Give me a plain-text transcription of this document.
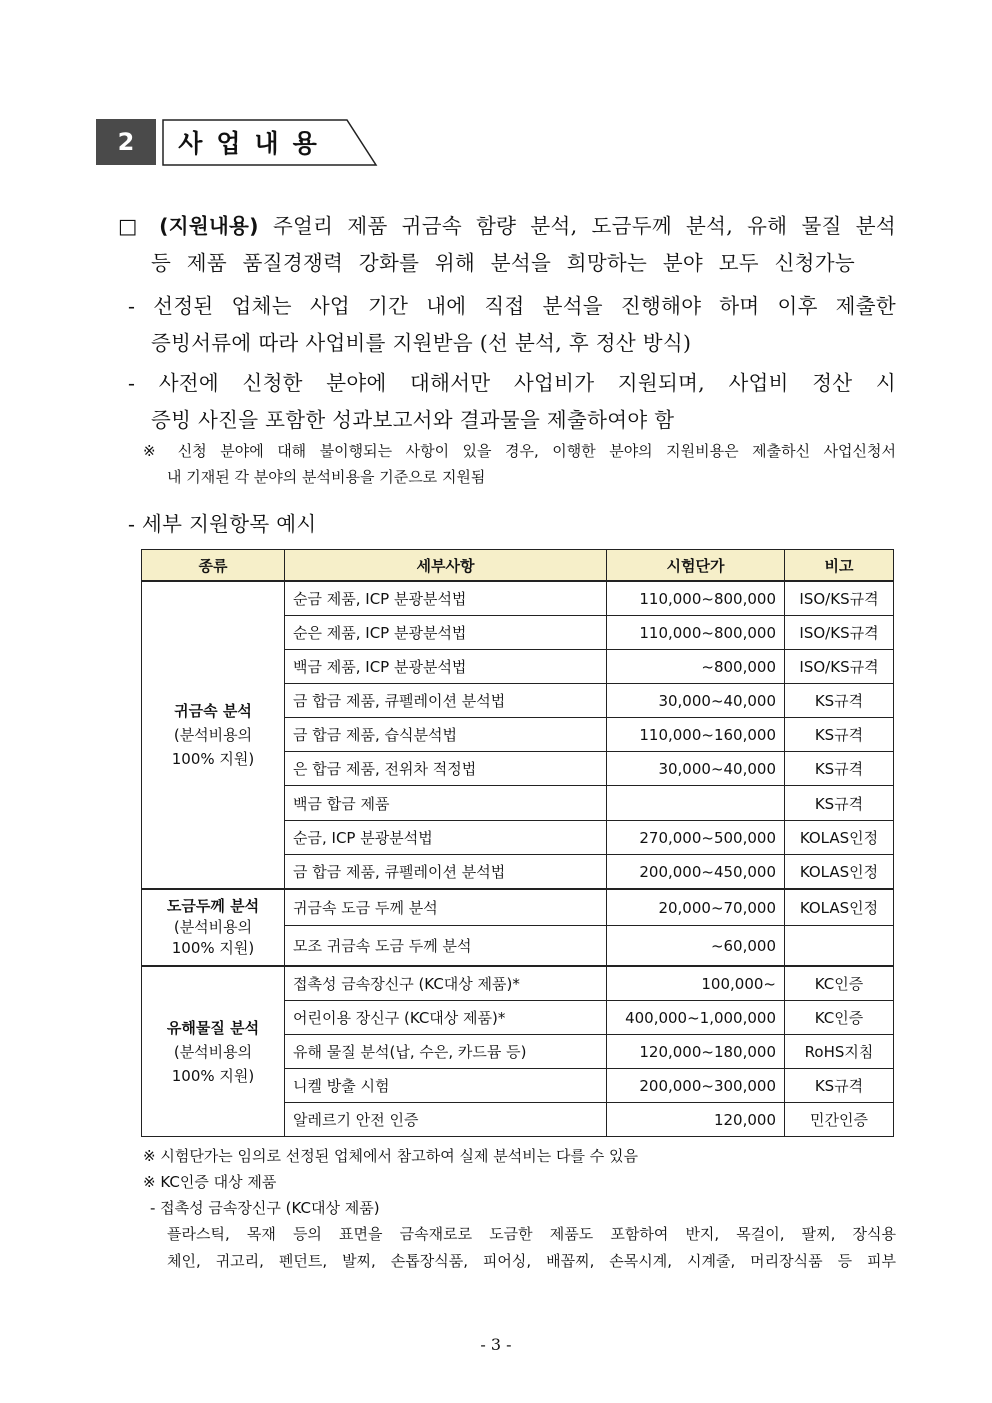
2	사업내용
□ (지원내용) 주얼리 제품 귀금속 함량 분석, 도금두께 분석, 유해 물질 분석
등 제품 품질경쟁력 강화를 위해 분석을 희망하는 분야 모두 신청가능
- 선정된 업체는 사업 기간 내에 직접 분석을 진행해야 하며 이후 제출한
증빙서류에 따라 사업비를 지원받음 (선 분석, 후 정산 방식)
- 사전에 신청한 분야에 대해서만 사업비가 지원되며, 사업비 정산 시
증빙 사진을 포함한 성과보고서와 결과물을 제출하여야 함
※ 신청 분야에 대해 불이행되는 사항이 있을 경우, 이행한 분야의 지원비용은 제출하신 사업신청서
내 기재된 각 분야의 분석비용을 기준으로 지원됨
- 세부 지원항목 예시
종류	세부사항	시험단가	비고

귀금속 분석
(분석비용의
100% 지원)	순금 제품, ICP 분광분석법	110,000~800,000	ISO/KS규격
	순은 제품, ICP 분광분석법	110,000~800,000	ISO/KS규격
	백금 제품, ICP 분광분석법	~800,000	ISO/KS규격
	금 합금 제품, 큐펠레이션 분석법	30,000~40,000	KS규격
	금 합금 제품, 습식분석법	110,000~160,000	KS규격
	은 합금 제품, 전위차 적정법	30,000~40,000	KS규격
	백금 합금 제품		KS규격
	순금, ICP 분광분석법	270,000~500,000	KOLAS인정
	금 합금 제품, 큐펠레이션 분석법	200,000~450,000	KOLAS인정

도금두께 분석
(분석비용의
100% 지원)	귀금속 도금 두께 분석	20,000~70,000	KOLAS인정
	모조 귀금속 도금 두께 분석	~60,000	

유해물질 분석
(분석비용의
100% 지원)	접촉성 금속장신구 (KC대상 제품)*	100,000~	KC인증
	어린이용 장신구 (KC대상 제품)*	400,000~1,000,000	KC인증
	유해 물질 분석(납, 수은, 카드뮴 등)	120,000~180,000	RoHS지침
	니켈 방출 시험	200,000~300,000	KS규격
	알레르기 안전 인증	120,000	민간인증
※ 시험단가는 임의로 선정된 업체에서 참고하여 실제 분석비는 다를 수 있음
※ KC인증 대상 제품
- 접촉성 금속장신구 (KC대상 제품)
플라스틱, 목재 등의 표면을 금속재로로 도금한 제품도 포함하여 반지, 목걸이, 팔찌, 장식용
체인, 귀고리, 펜던트, 발찌, 손톱장식품, 피어싱, 배꼽찌, 손목시계, 시계줄, 머리장식품 등 피부
- 3 -
